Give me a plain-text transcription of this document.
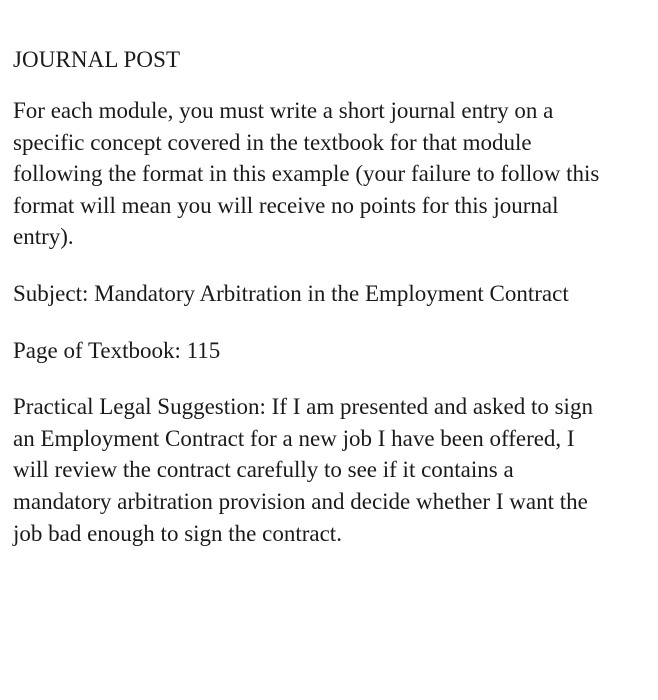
JOURNAL POST

For each module, you must write a short journal entry on a specific concept covered in the textbook for that module following the format in this example (your failure to follow this format will mean you will receive no points for this journal entry).

Subject: Mandatory Arbitration in the Employment Contract

Page of Textbook: 115

Practical Legal Suggestion: If I am presented and asked to sign an Employment Contract for a new job I have been offered, I will review the contract carefully to see if it contains a mandatory arbitration provision and decide whether I want the job bad enough to sign the contract.
